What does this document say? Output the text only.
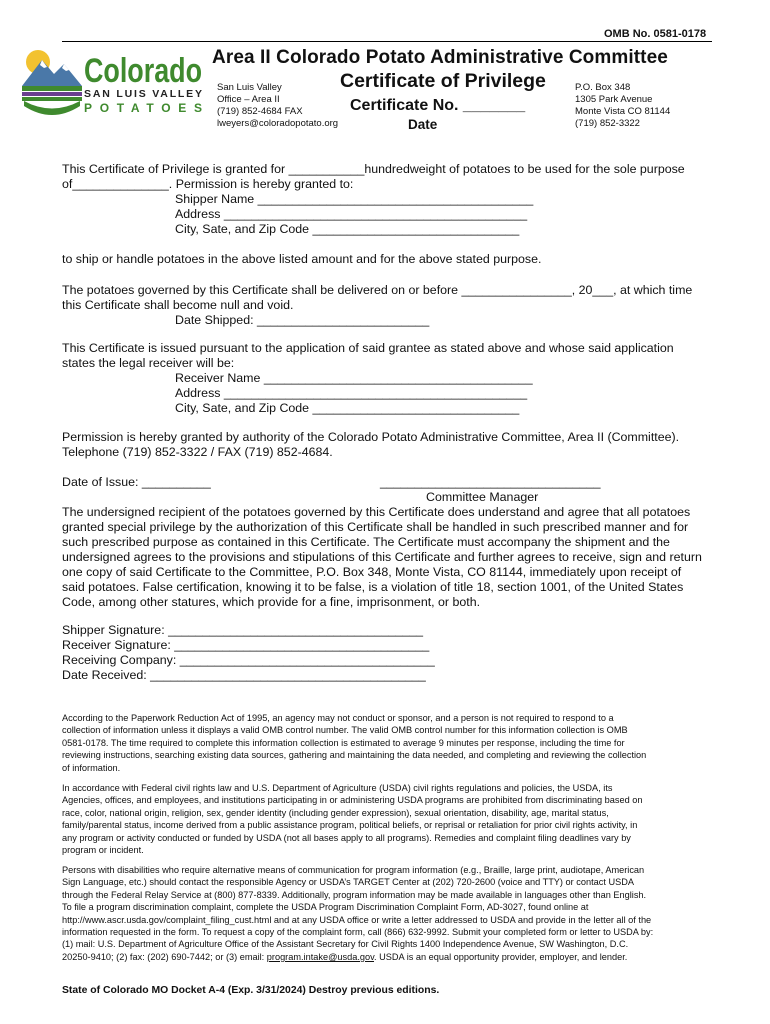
OMB No. 0581-0178
Colorado
SAN LUIS VALLEY
POTATOES
Area II Colorado Potato Administrative Committee
San Luis Valley
Office – Area II
(719) 852-4684 FAX
lweyers@coloradopotato.org
Certificate of Privilege
Certificate No. _______
Date
P.O. Box 348
1305 Park Avenue
Monte Vista CO 81144
(719) 852-3322
This Certificate of Privilege is granted for ___________hundredweight of potatoes to be used for the sole purpose
of______________. Permission is hereby granted to:
Shipper Name ________________________________________
Address ____________________________________________
City, Sate, and Zip Code ______________________________
to ship or handle potatoes in the above listed amount and for the above stated purpose.
The potatoes governed by this Certificate shall be delivered on or before ________________, 20___, at which time
this Certificate shall become null and void.
Date Shipped: _________________________
This Certificate is issued pursuant to the application of said grantee as stated above and whose said application
states the legal receiver will be:
Receiver Name _______________________________________
Address ____________________________________________
City, Sate, and Zip Code ______________________________
Permission is hereby granted by authority of the Colorado Potato Administrative Committee, Area II (Committee).
Telephone (719) 852-3322 / FAX (719) 852-4684.
Date of Issue: __________	________________________________
Committee Manager
The undersigned recipient of the potatoes governed by this Certificate does understand and agree that all potatoes
granted special privilege by the authorization of this Certificate shall be handled in such prescribed manner and for
such prescribed purpose as contained in this Certificate. The Certificate must accompany the shipment and the
undersigned agrees to the provisions and stipulations of this Certificate and further agrees to receive, sign and return
one copy of said Certificate to the Committee, P.O. Box 348, Monte Vista, CO 81144, immediately upon receipt of
said potatoes. False certification, knowing it to be false, is a violation of title 18, section 1001, of the United States
Code, among other statures, which provide for a fine, imprisonment, or both.
Shipper Signature: _____________________________________
Receiver Signature: _____________________________________
Receiving Company: _____________________________________
Date Received: ________________________________________
According to the Paperwork Reduction Act of 1995, an agency may not conduct or sponsor, and a person is not required to respond to a
collection of information unless it displays a valid OMB control number. The valid OMB control number for this information collection is OMB
0581-0178. The time required to complete this information collection is estimated to average 9 minutes per response, including the time for
reviewing instructions, searching existing data sources, gathering and maintaining the data needed, and completing and reviewing the collection
of information.
In accordance with Federal civil rights law and U.S. Department of Agriculture (USDA) civil rights regulations and policies, the USDA, its
Agencies, offices, and employees, and institutions participating in or administering USDA programs are prohibited from discriminating based on
race, color, national origin, religion, sex, gender identity (including gender expression), sexual orientation, disability, age, marital status,
family/parental status, income derived from a public assistance program, political beliefs, or reprisal or retaliation for prior civil rights activity, in
any program or activity conducted or funded by USDA (not all bases apply to all programs). Remedies and complaint filing deadlines vary by
program or incident.
Persons with disabilities who require alternative means of communication for program information (e.g., Braille, large print, audiotape, American
Sign Language, etc.) should contact the responsible Agency or USDA’s TARGET Center at (202) 720-2600 (voice and TTY) or contact USDA
through the Federal Relay Service at (800) 877-8339. Additionally, program information may be made available in languages other than English.
To file a program discrimination complaint, complete the USDA Program Discrimination Complaint Form, AD-3027, found online at
http://www.ascr.usda.gov/complaint_filing_cust.html and at any USDA office or write a letter addressed to USDA and provide in the letter all of the
information requested in the form. To request a copy of the complaint form, call (866) 632-9992. Submit your completed form or letter to USDA by:
(1) mail: U.S. Department of Agriculture Office of the Assistant Secretary for Civil Rights 1400 Independence Avenue, SW Washington, D.C.
20250-9410; (2) fax: (202) 690-7442; or (3) email: program.intake@usda.gov. USDA is an equal opportunity provider, employer, and lender.
State of Colorado MO Docket A-4 (Exp. 3/31/2024) Destroy previous editions.
